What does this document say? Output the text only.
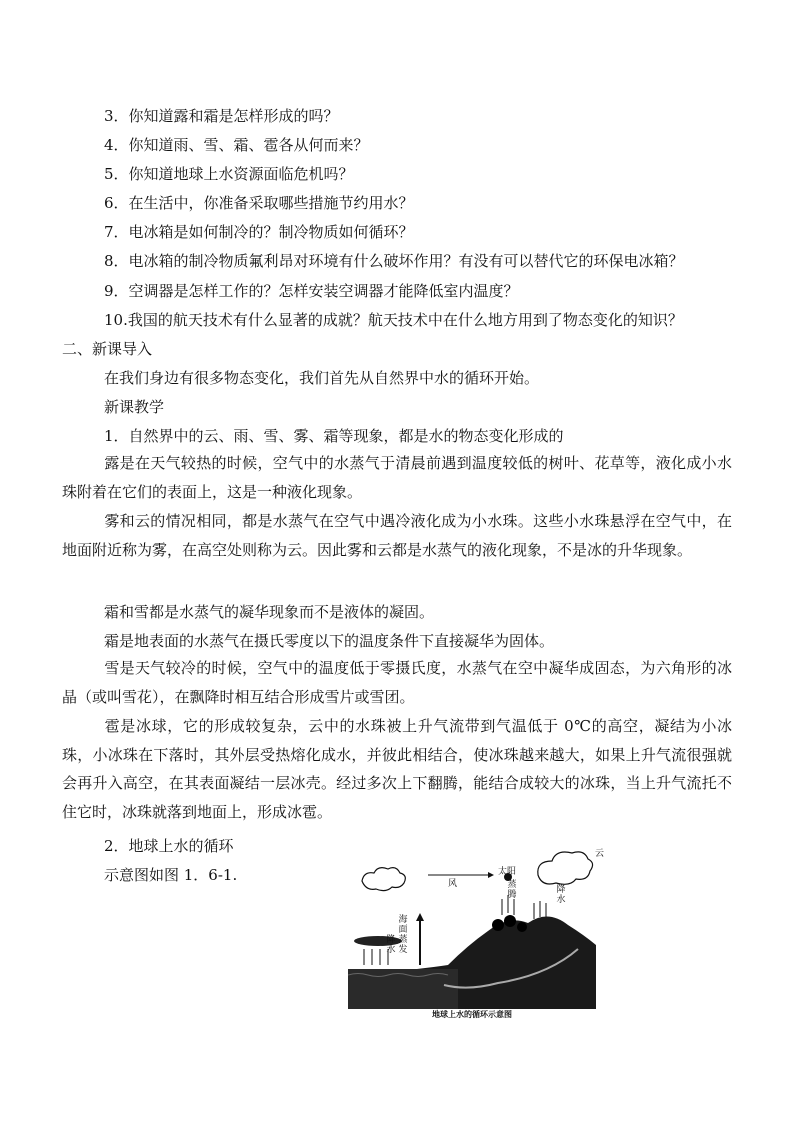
3．你知道露和霜是怎样形成的吗？
4．你知道雨、雪、霜、雹各从何而来？
5．你知道地球上水资源面临危机吗？
6．在生活中，你准备采取哪些措施节约用水？
7．电冰箱是如何制冷的？制冷物质如何循环？
8．电冰箱的制冷物质氟利昂对环境有什么破坏作用？有没有可以替代它的环保电冰箱？
9．空调器是怎样工作的？怎样安装空调器才能降低室内温度？
10.我国的航天技术有什么显著的成就？航天技术中在什么地方用到了物态变化的知识？
二、新课导入
在我们身边有很多物态变化，我们首先从自然界中水的循环开始。
新课教学
1．自然界中的云、雨、雪、雾、霜等现象，都是水的物态变化形成的
露是在天气较热的时候，空气中的水蒸气于清晨前遇到温度较低的树叶、花草等，液化成小水珠附着在它们的表面上，这是一种液化现象。
雾和云的情况相同，都是水蒸气在空气中遇冷液化成为小水珠。这些小水珠悬浮在空气中，在地面附近称为雾，在高空处则称为云。因此雾和云都是水蒸气的液化现象，不是冰的升华现象。
霜和雪都是水蒸气的凝华现象而不是液体的凝固。
霜是地表面的水蒸气在摄氏零度以下的温度条件下直接凝华为固体。
雪是天气较冷的时候，空气中的温度低于零摄氏度，水蒸气在空中凝华成固态，为六角形的冰晶（或叫雪花），在飘降时相互结合形成雪片或雪团。
雹是冰球，它的形成较复杂，云中的水珠被上升气流带到气温低于 0℃的高空，凝结为小冰珠，小冰珠在下落时，其外层受热熔化成水，并彼此相结合，使冰珠越来越大，如果上升气流很强就会再升入高空，在其表面凝结一层冰壳。经过多次上下翻腾，能结合成较大的冰珠，当上升气流托不住它时，冰珠就落到地面上，形成冰雹。
2．地球上水的循环
示意图如图 1．6-1.
云
风
太阳
蒸腾	降水
海面蒸发
降水
地球上水的循环示意图
